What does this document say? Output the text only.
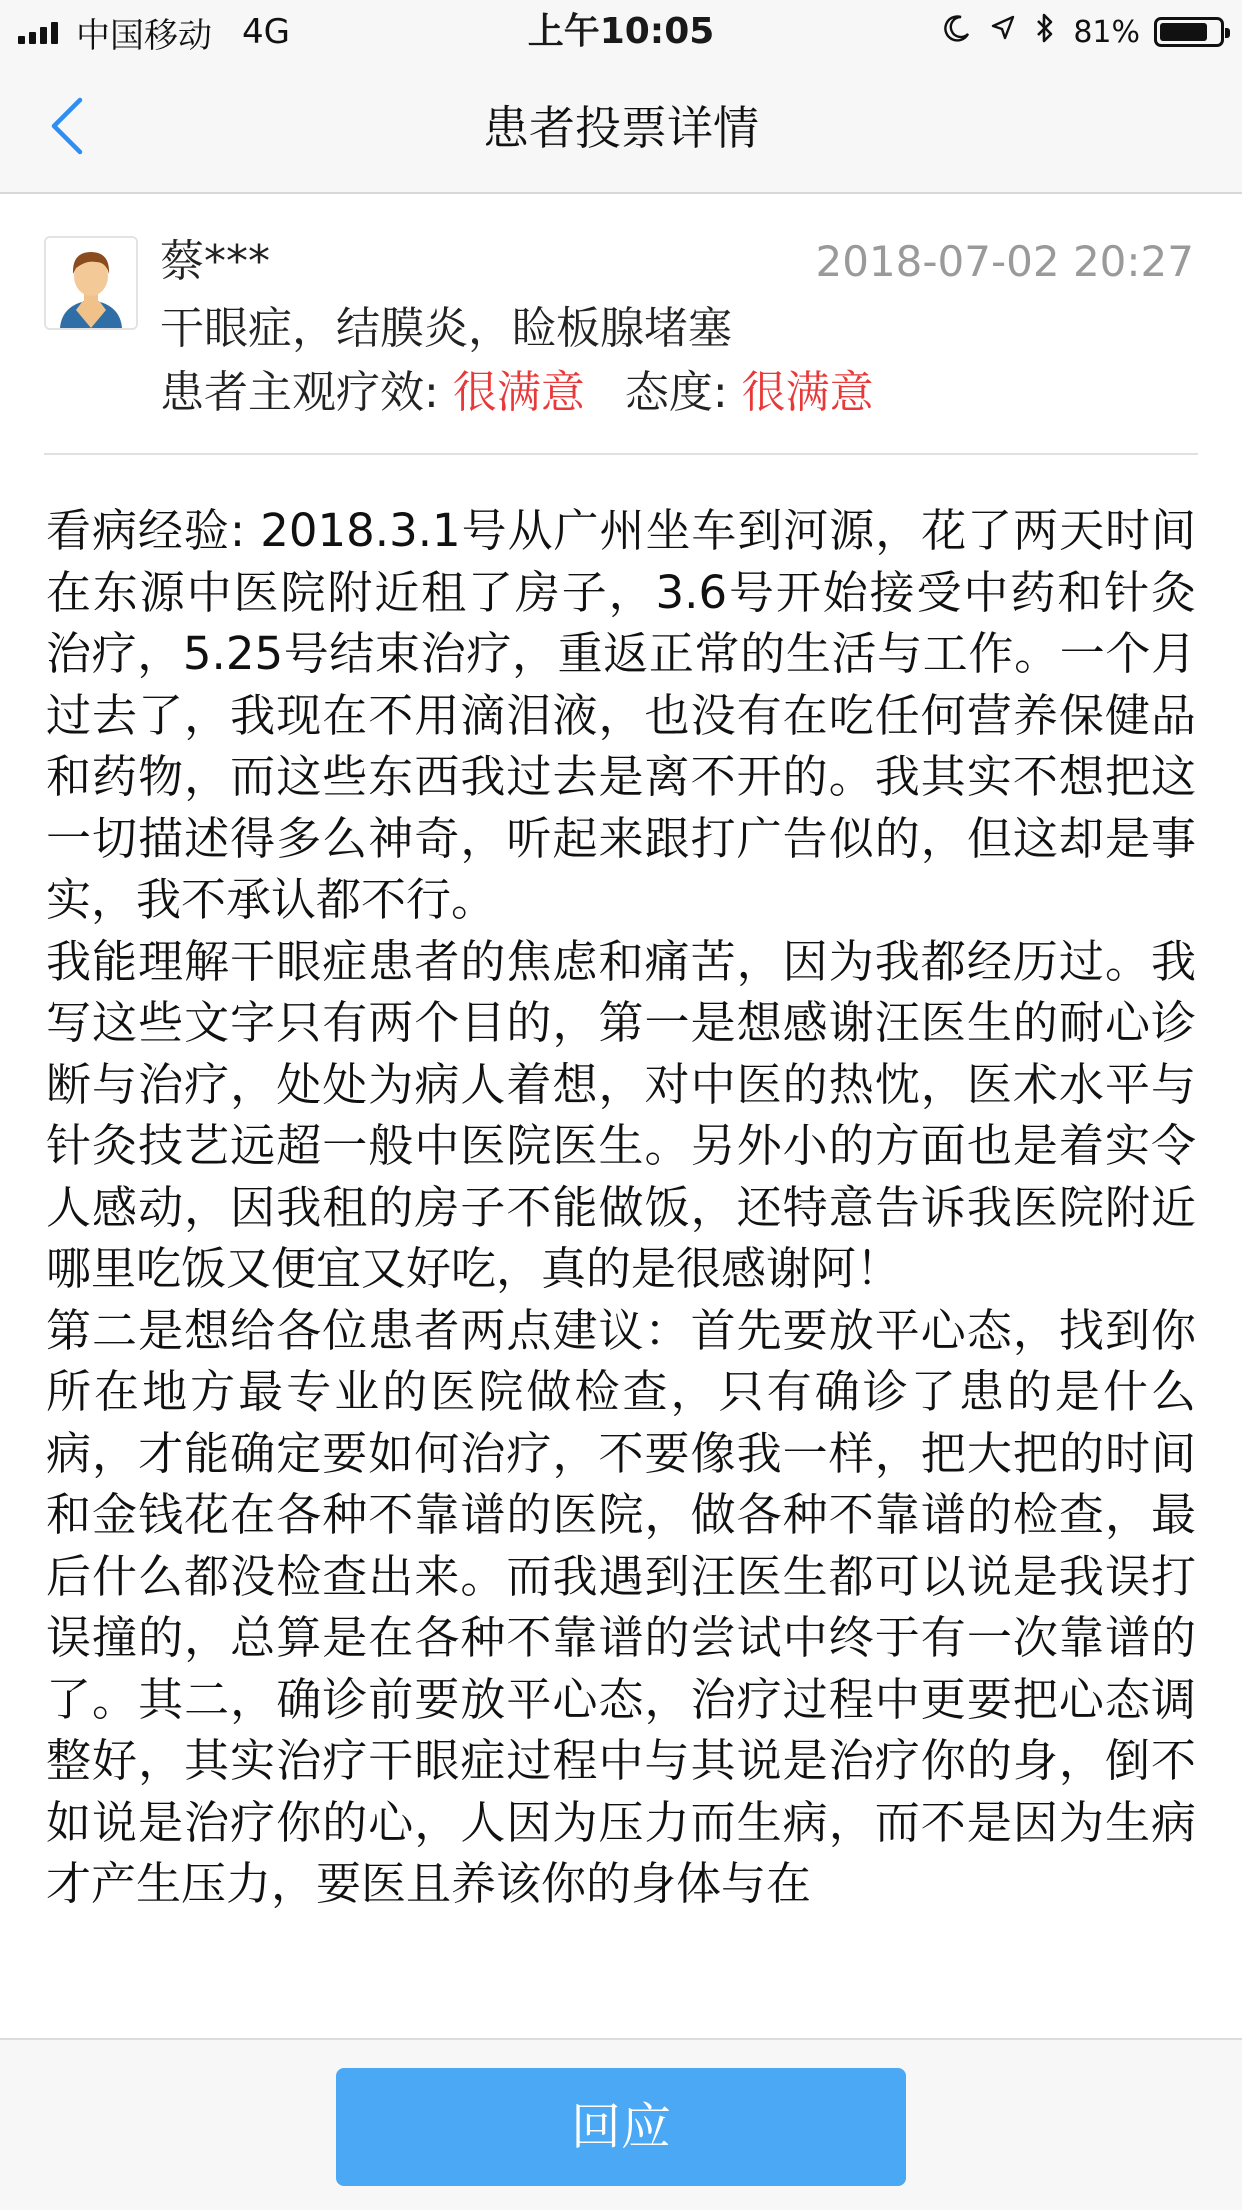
中国移动 4G	上午10:05	81%
患者投票详情
蔡***	2018-07-02 20:27
干眼症，结膜炎，睑板腺堵塞
患者主观疗效: 很满意 态度: 很满意

看病经验: 2018.3.1号从广州坐车到河源，花了两天时间在东源中医院附近租了房子，3.6号开始接受中药和针灸治疗，5.25号结束治疗，重返正常的生活与工作。一个月过去了，我现在不用滴泪液，也没有在吃任何营养保健品和药物，而这些东西我过去是离不开的。我其实不想把这一切描述得多么神奇，听起来跟打广告似的，但这却是事实，我不承认都不行。

我能理解干眼症患者的焦虑和痛苦，因为我都经历过。我写这些文字只有两个目的，第一是想感谢汪医生的耐心诊断与治疗，处处为病人着想，对中医的热忱，医术水平与针灸技艺远超一般中医院医生。另外小的方面也是着实令人感动，因我租的房子不能做饭，还特意告诉我医院附近哪里吃饭又便宜又好吃，真的是很感谢阿！

第二是想给各位患者两点建议：首先要放平心态，找到你所在地方最专业的医院做检查，只有确诊了患的是什么病，才能确定要如何治疗，不要像我一样，把大把的时间和金钱花在各种不靠谱的医院，做各种不靠谱的检查，最后什么都没检查出来。而我遇到汪医生都可以说是我误打误撞的，总算是在各种不靠谱的尝试中终于有一次靠谱的了。其二，确诊前要放平心态，治疗过程中更要把心态调整好，其实治疗干眼症过程中与其说是治疗你的身，倒不如说是治疗你的心，人因为压力而生病，而不是因为生病才产生压力，要医且养该你的身体与在

回应
